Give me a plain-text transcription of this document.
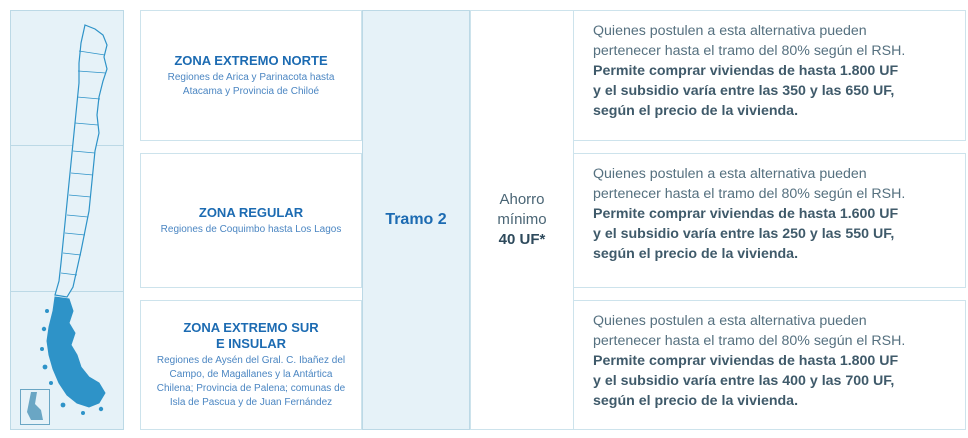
ZONA EXTREMO NORTE
Regiones de Arica y Parinacota hasta
Atacama y Provincia de Chiloé
ZONA REGULAR
Regiones de Coquimbo hasta Los Lagos
ZONA EXTREMO SUR
E INSULAR
Regiones de Aysén del Gral. C. Ibañez del
Campo, de Magallanes y la Antártica
Chilena; Provincia de Palena; comunas de
Isla de Pascua y de Juan Fernández
Tramo 2
Ahorro
mínimo
40 UF*
Quienes postulen a esta alternativa pueden
pertenecer hasta el tramo del 80% según el RSH.
Permite comprar viviendas de hasta 1.800 UF
y el subsidio varía entre las 350 y las 650 UF,
según el precio de la vivienda.
Quienes postulen a esta alternativa pueden
pertenecer hasta el tramo del 80% según el RSH.
Permite comprar viviendas de hasta 1.600 UF
y el subsidio varía entre las 250 y las 550 UF,
según el precio de la vivienda.
Quienes postulen a esta alternativa pueden
pertenecer hasta el tramo del 80% según el RSH.
Permite comprar viviendas de hasta 1.800 UF
y el subsidio varía entre las 400 y las 700 UF,
según el precio de la vivienda.
